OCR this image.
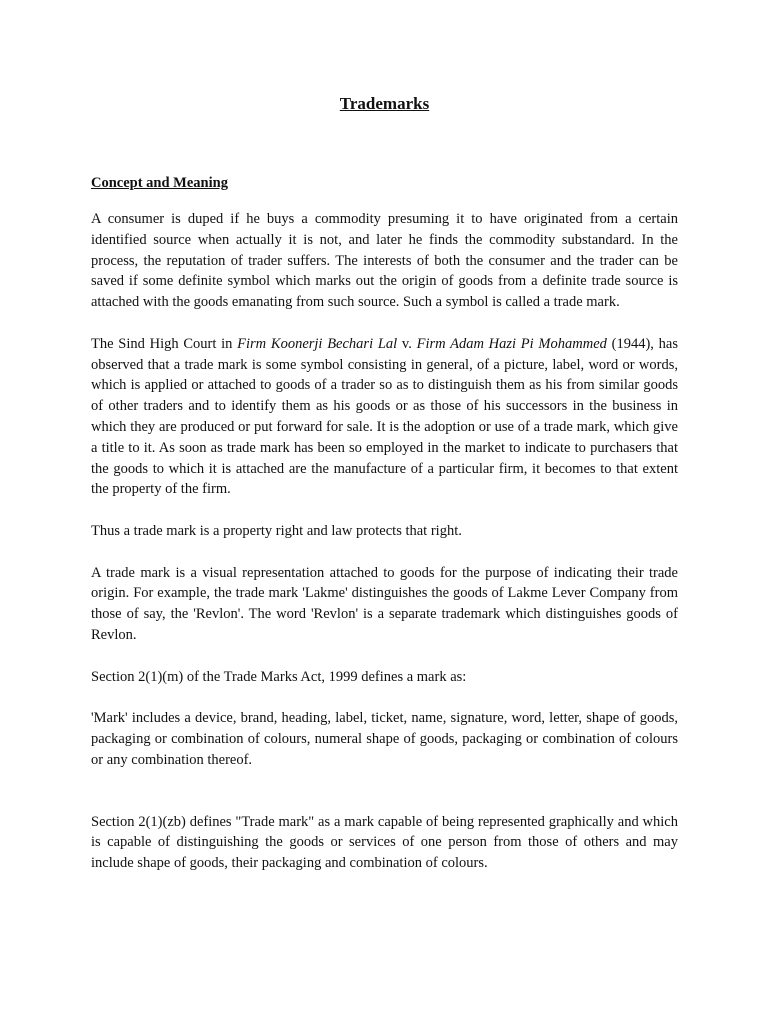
Trademarks
Concept and Meaning

A consumer is duped if he buys a commodity presuming it to have originated from a certain identified source when actually it is not, and later he finds the commodity substandard. In the process, the reputation of trader suffers. The interests of both the consumer and the trader can be saved if some definite symbol which marks out the origin of goods from a definite trade source is attached with the goods emanating from such source. Such a symbol is called a trade mark.

The Sind High Court in Firm Koonerji Bechari Lal v. Firm Adam Hazi Pi Mohammed (1944), has observed that a trade mark is some symbol consisting in general, of a picture, label, word or words, which is applied or attached to goods of a trader so as to distinguish them as his from similar goods of other traders and to identify them as his goods or as those of his successors in the business in which they are produced or put forward for sale. It is the adoption or use of a trade mark, which give a title to it. As soon as trade mark has been so employed in the market to indicate to purchasers that the goods to which it is attached are the manufacture of a particular firm, it becomes to that extent the property of the firm.

Thus a trade mark is a property right and law protects that right.

A trade mark is a visual representation attached to goods for the purpose of indicating their trade origin. For example, the trade mark 'Lakme' distinguishes the goods of Lakme Lever Company from those of say, the 'Revlon'. The word 'Revlon' is a separate trademark which distinguishes goods of Revlon.

Section 2(1)(m) of the Trade Marks Act, 1999 defines a mark as:

'Mark' includes a device, brand, heading, label, ticket, name, signature, word, letter, shape of goods, packaging or combination of colours, numeral shape of goods, packaging or combination of colours or any combination thereof.

Section 2(1)(zb) defines "Trade mark" as a mark capable of being represented graphically and which is capable of distinguishing the goods or services of one person from those of others and may include shape of goods, their packaging and combination of colours.
